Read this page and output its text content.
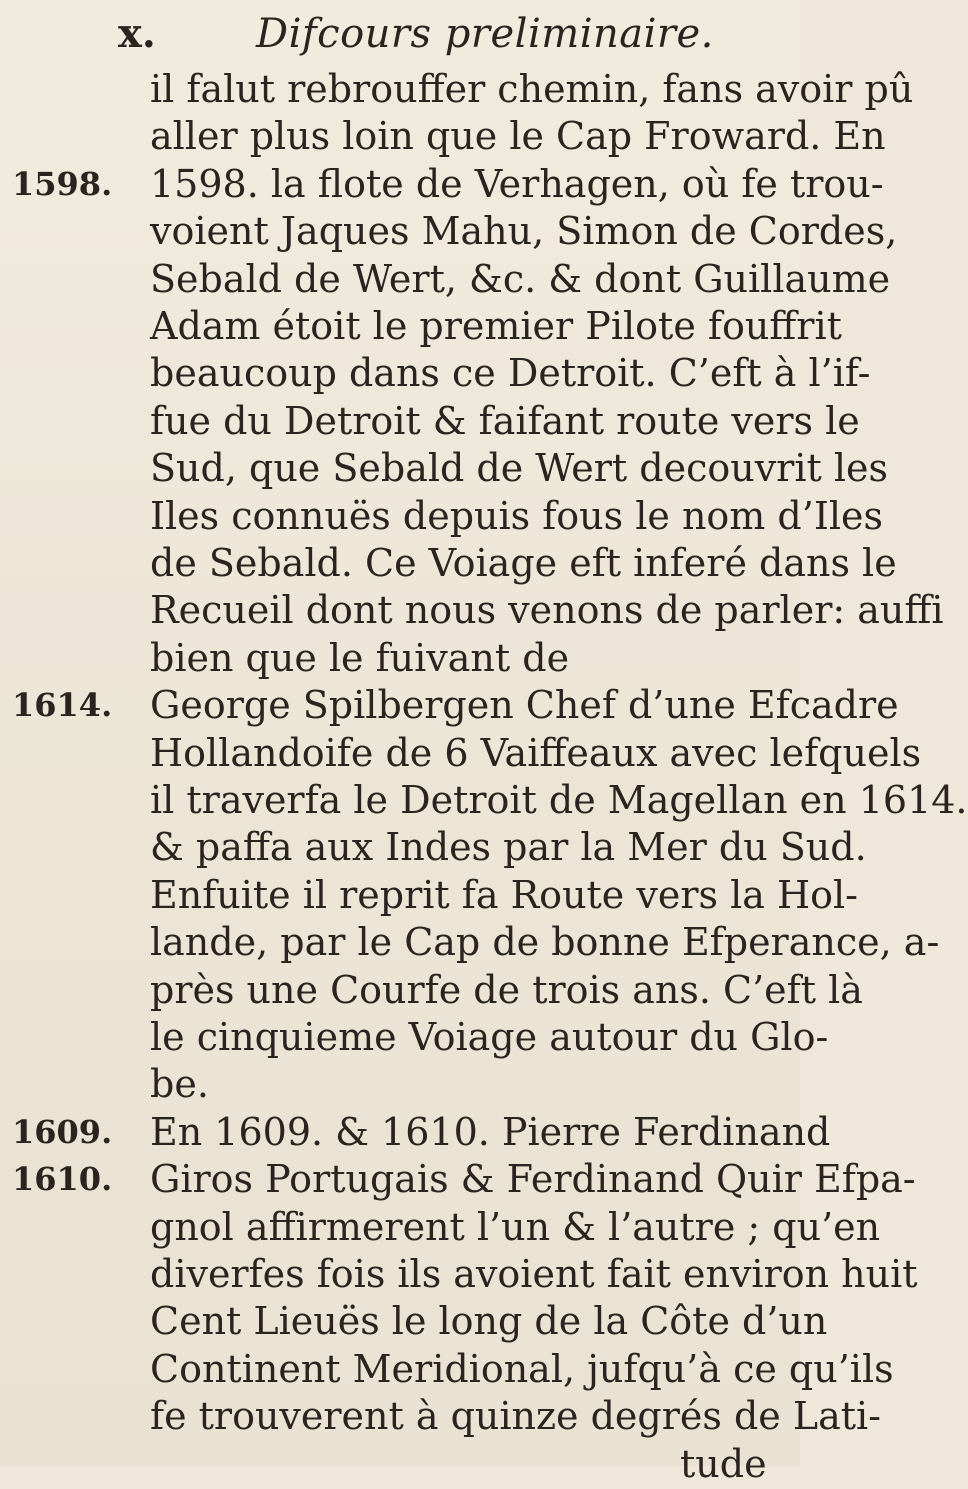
x.	Difcours preliminaire.
il falut rebrouffer chemin, fans avoir pû
aller plus loin que le Cap Froward. En
1598. 1598. la flote de Verhagen, où fe trou-
voient Jaques Mahu, Simon de Cordes,
Sebald de Wert, &c. & dont Guillaume
Adam étoit le premier Pilote fouffrit
beaucoup dans ce Detroit. C’eft à l’if-
fue du Detroit & faifant route vers le
Sud, que Sebald de Wert decouvrit les
Iles connuës depuis fous le nom d’Iles
de Sebald. Ce Voiage eft inferé dans le
Recueil dont nous venons de parler: auffi
bien que le fuivant de
1614. George Spilbergen Chef d’une Efcadre
Hollandoife de 6 Vaiffeaux avec lefquels
il traverfa le Detroit de Magellan en 1614.
& paffa aux Indes par la Mer du Sud.
Enfuite il reprit fa Route vers la Hol-
lande, par le Cap de bonne Efperance, a-
près une Courfe de trois ans. C’eft là
le cinquieme Voiage autour du Glo-
be.
1609. En 1609. & 1610. Pierre Ferdinand
1610. Giros Portugais & Ferdinand Quir Efpa-
gnol affirmerent l’un & l’autre ; qu’en
diverfes fois ils avoient fait environ huit
Cent Lieuës le long de la Côte d’un
Continent Meridional, jufqu’à ce qu’ils
fe trouverent à quinze degrés de Lati-
tude
